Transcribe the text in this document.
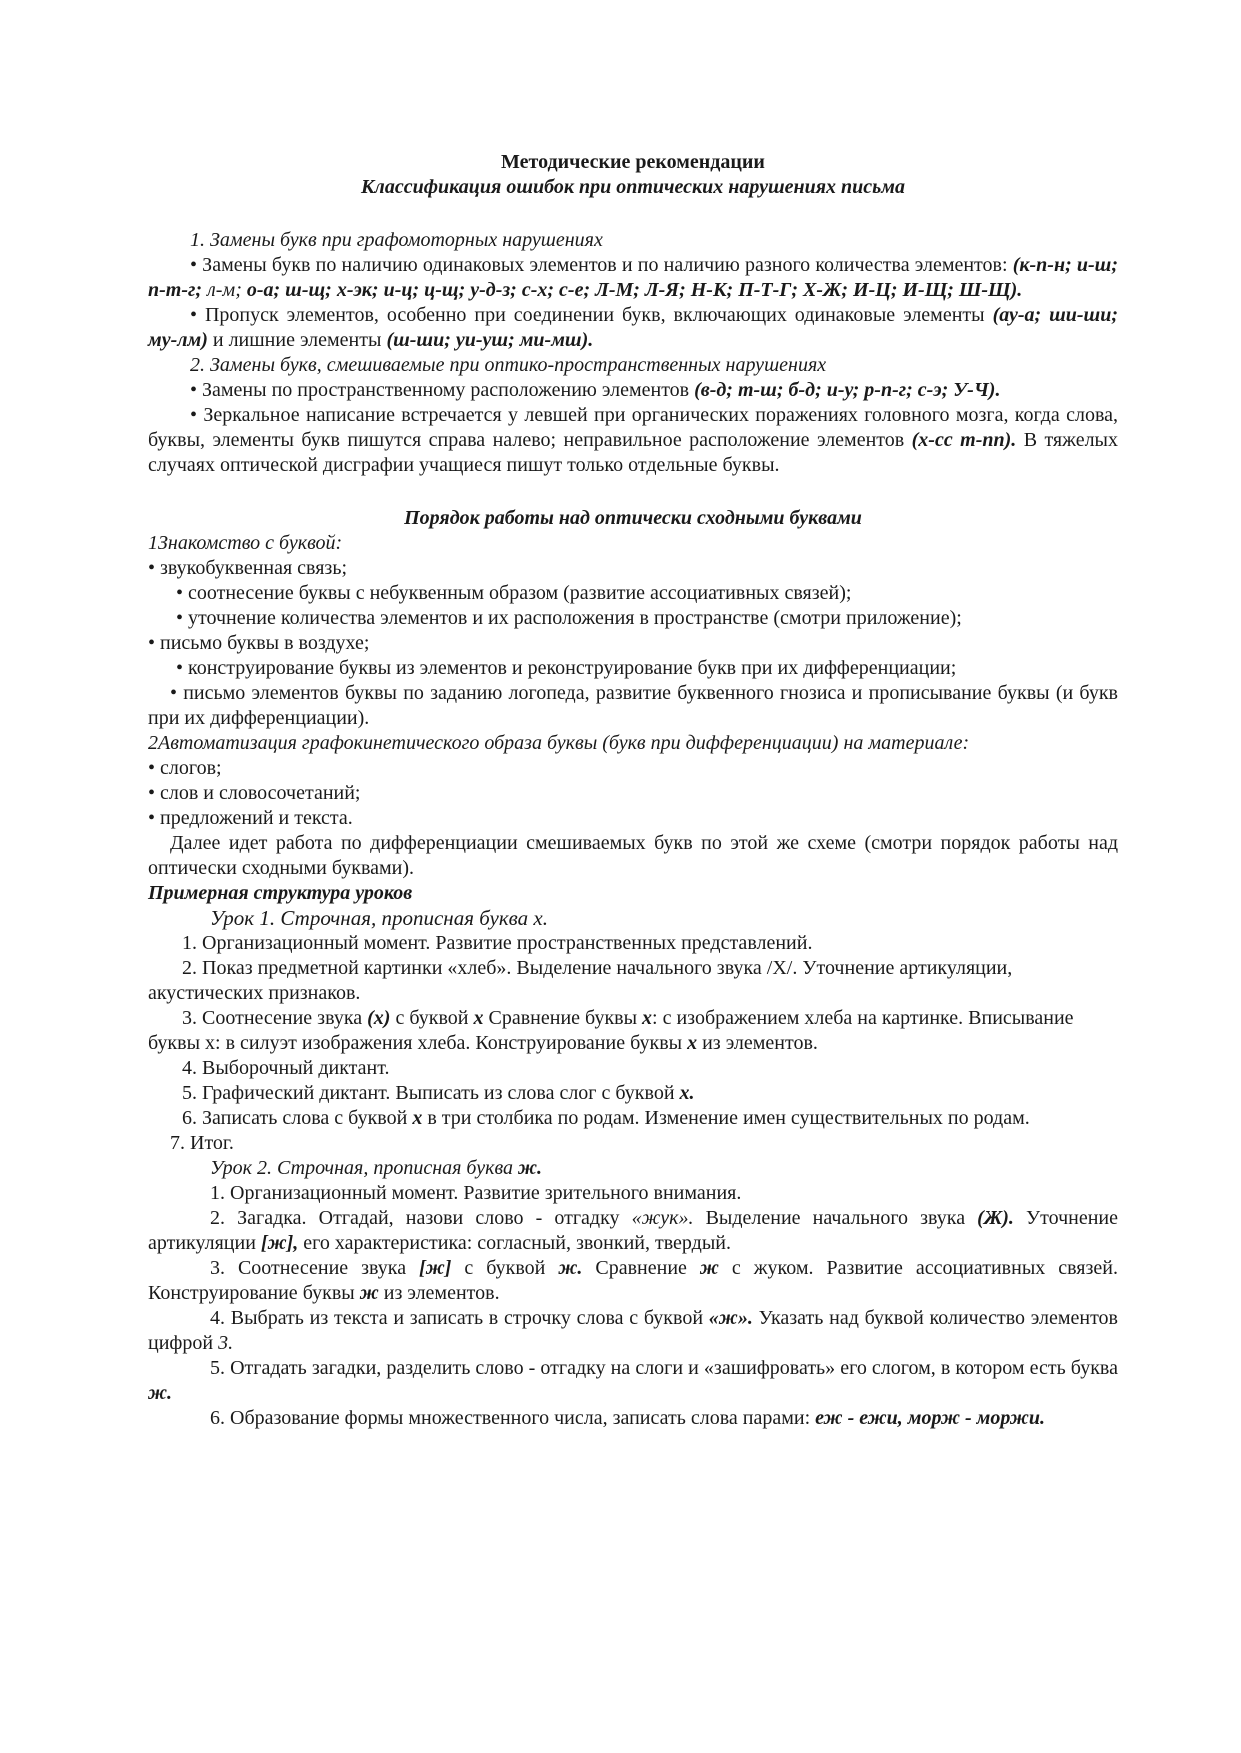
Методические рекомендации

Классификация ошибок при оптических нарушениях письма

1. Замены букв при графомоторных нарушениях

• Замены букв по наличию одинаковых элементов и по наличию разного количества элементов: (к-п-н; и-ш; п-т-г; л-м; о-а; ш-щ; х-эк; и-ц; ц-щ; у-д-з; с-х; с-е; Л-М; Л-Я; Н-К; П-Т-Г; Х-Ж; И-Ц; И-Щ; Ш-Щ).

• Пропуск элементов, особенно при соединении букв, включающих одинаковые элементы (ау-а; ши-ши; му-лм) и лишние элементы (ш-ши; уи-уш; ми-мш).

2. Замены букв, смешиваемые при оптико-пространственных нарушениях

• Замены по пространственному расположению элементов (в-д; т-ш; б-д; и-у; р-п-г; с-э; У-Ч).

• Зеркальное написание встречается у левшей при органических поражениях головного мозга, когда слова, буквы, элементы букв пишутся справа налево; неправильное расположение элементов (х-сс т-пп). В тяжелых случаях оптической дисграфии учащиеся пишут только отдельные буквы.

Порядок работы над оптически сходными буквами

1Знакомство с буквой:

• звукобуквенная связь;

• соотнесение буквы с небуквенным образом (развитие ассоциативных связей);

• уточнение количества элементов и их расположения в пространстве (смотри приложение);

• письмо буквы в воздухе;

• конструирование буквы из элементов и реконструирование букв при их дифференциации;

• письмо элементов буквы по заданию логопеда, развитие буквенного гнозиса и прописывание буквы (и букв при их дифференциации).

2Автоматизация графокинетического образа буквы (букв при дифференциации) на материале:

• слогов;

• слов и словосочетаний;

• предложений и текста.

Далее идет работа по дифференциации смешиваемых букв по этой же схеме (смотри порядок работы над оптически сходными буквами).

Примерная структура уроков

Урок 1. Строчная, прописная буква х.

1. Организационный момент. Развитие пространственных представлений.

2. Показ предметной картинки «хлеб». Выделение начального звука /Х/. Уточнение артикуляции, акустических признаков.

3. Соотнесение звука (х) с буквой х Сравнение буквы х: с изображением хлеба на картинке. Вписывание буквы х: в силуэт изображения хлеба. Конструирование буквы х из элементов.

4. Выборочный диктант.

5. Графический диктант. Выписать из слова слог с буквой х.

6. Записать слова с буквой х в три столбика по родам. Изменение имен существительных по родам.

7. Итог.

Урок 2. Строчная, прописная буква ж.

1. Организационный момент. Развитие зрительного внимания.

2. Загадка. Отгадай, назови слово - отгадку «жук». Выделение начального звука (Ж). Уточнение артикуляции [ж], его характеристика: согласный, звонкий, твердый.

3. Соотнесение звука [ж] с буквой ж. Сравнение ж с жуком. Развитие ассоциативных связей. Конструирование буквы ж из элементов.

4. Выбрать из текста и записать в строчку слова с буквой «ж». Указать над буквой количество элементов цифрой 3.

5. Отгадать загадки, разделить слово - отгадку на слоги и «зашифровать» его слогом, в котором есть буква ж.

6. Образование формы множественного числа, записать слова парами: еж - ежи, морж - моржи.
